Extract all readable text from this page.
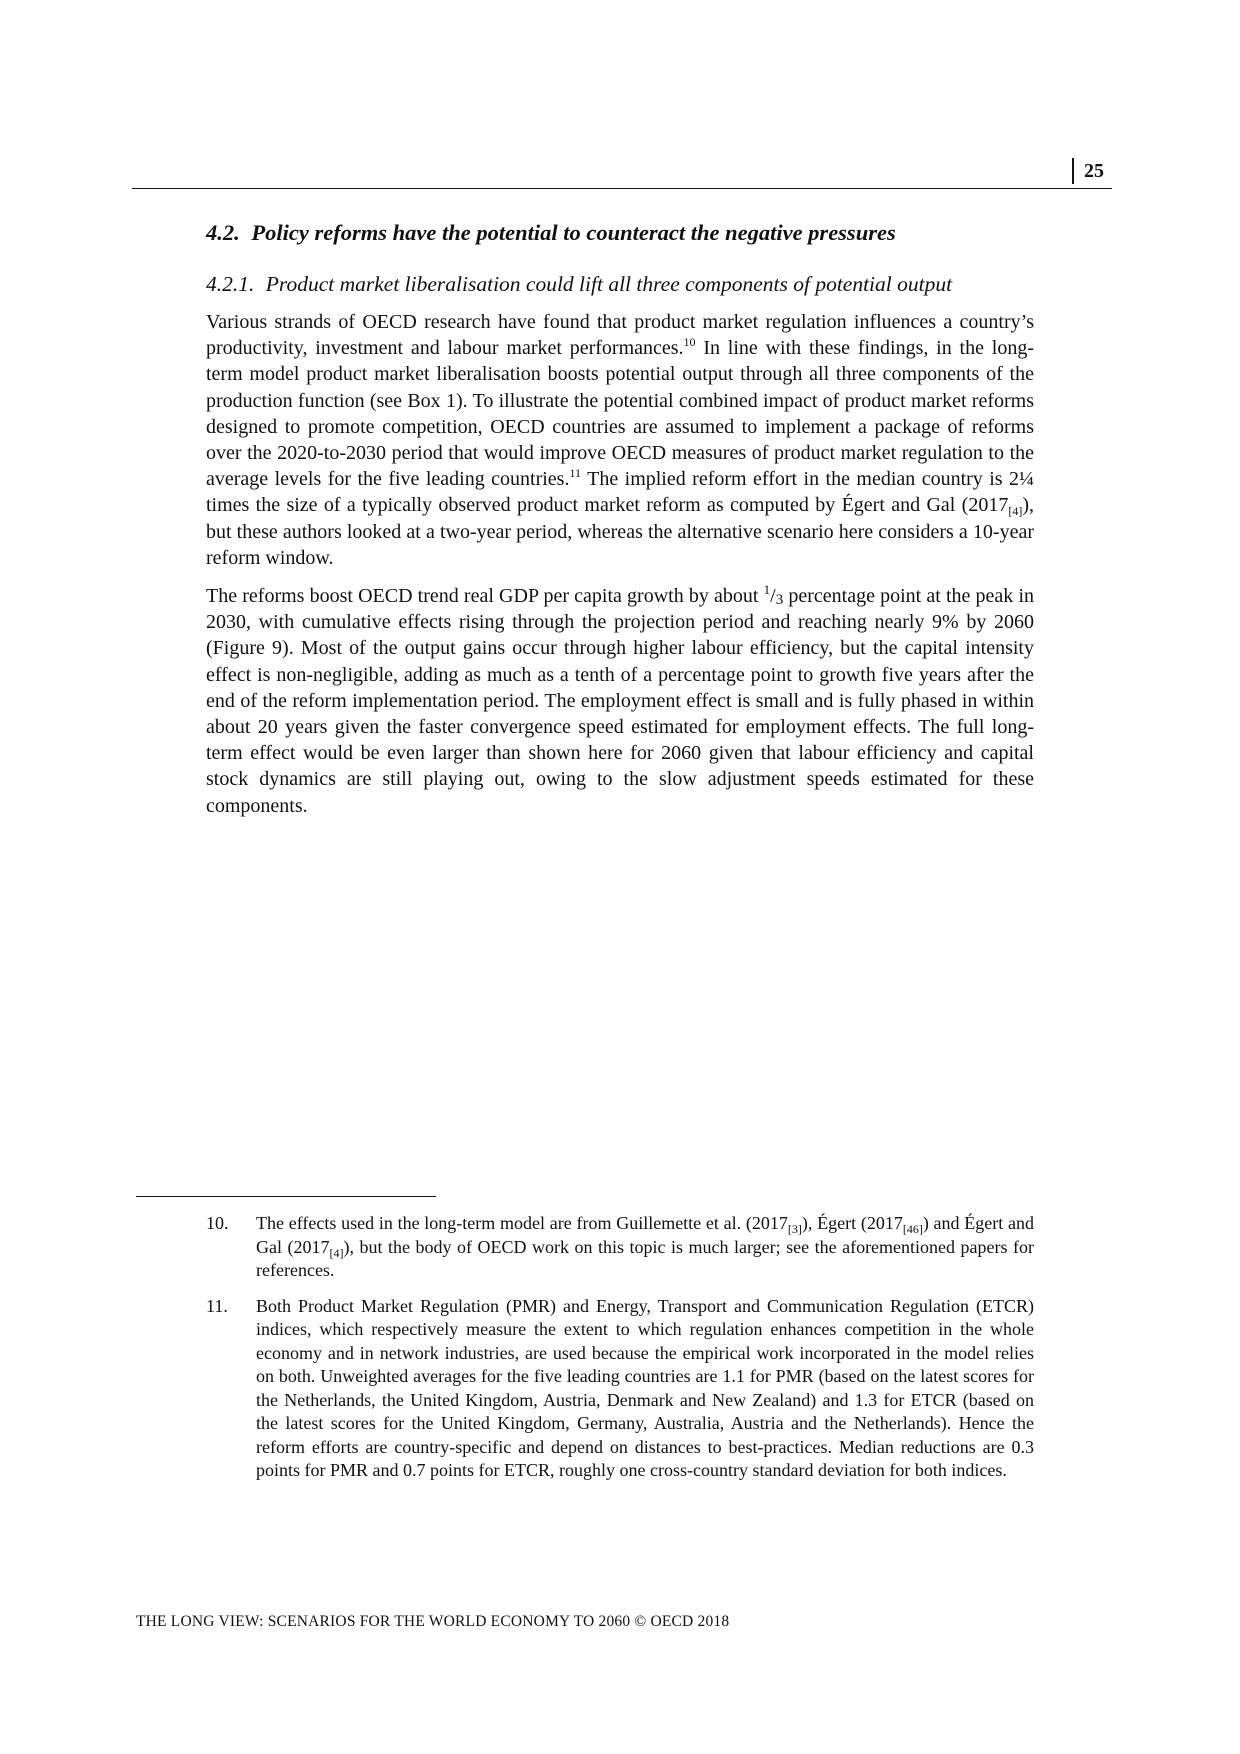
25
4.2. Policy reforms have the potential to counteract the negative pressures
4.2.1. Product market liberalisation could lift all three components of potential output

Various strands of OECD research have found that product market regulation influences a country’s productivity, investment and labour market performances.$^{10}$ In line with these findings, in the long-term model product market liberalisation boosts potential output through all three components of the production function (see Box 1). To illustrate the potential combined impact of product market reforms designed to promote competition, OECD countries are assumed to implement a package of reforms over the 2020-to-2030 period that would improve OECD measures of product market regulation to the average levels for the five leading countries.$^{11}$ The implied reform effort in the median country is 2¼ times the size of a typically observed product market reform as computed by Égert and Gal $(2017_{[4]})$, but these authors looked at a two-year period, whereas the alternative scenario here considers a 10-year reform window.

The reforms boost OECD trend real GDP per capita growth by about $^1$/3 percentage point at the peak in 2030, with cumulative effects rising through the projection period and reaching nearly 9% by 2060 (Figure 9). Most of the output gains occur through higher labour efficiency, but the capital intensity effect is non-negligible, adding as much as a tenth of a percentage point to growth five years after the end of the reform implementation period. The employment effect is small and is fully phased in within about 20 years given the faster convergence speed estimated for employment effects. The full long-term effect would be even larger than shown here for 2060 given that labour efficiency and capital stock dynamics are still playing out, owing to the slow adjustment speeds estimated for these components.

10. The effects used in the long-term model are from Guillemette et al. $(2017_{[3]})$, Égert $(2017_{[46]})$ and Égert and Gal $(2017_{[4]})$, but the body of OECD work on this topic is much larger; see the aforementioned papers for references.
11. Both Product Market Regulation (PMR) and Energy, Transport and Communication Regulation (ETCR) indices, which respectively measure the extent to which regulation enhances competition in the whole economy and in network industries, are used because the empirical work incorporated in the model relies on both. Unweighted averages for the five leading countries are 1.1 for PMR (based on the latest scores for the Netherlands, the United Kingdom, Austria, Denmark and New Zealand) and 1.3 for ETCR (based on the latest scores for the United Kingdom, Germany, Australia, Austria and the Netherlands). Hence the reform efforts are country-specific and depend on distances to best-practices. Median reductions are 0.3 points for PMR and 0.7 points for ETCR, roughly one cross-country standard deviation for both indices.
THE LONG VIEW: SCENARIOS FOR THE WORLD ECONOMY TO 2060 © OECD 2018
